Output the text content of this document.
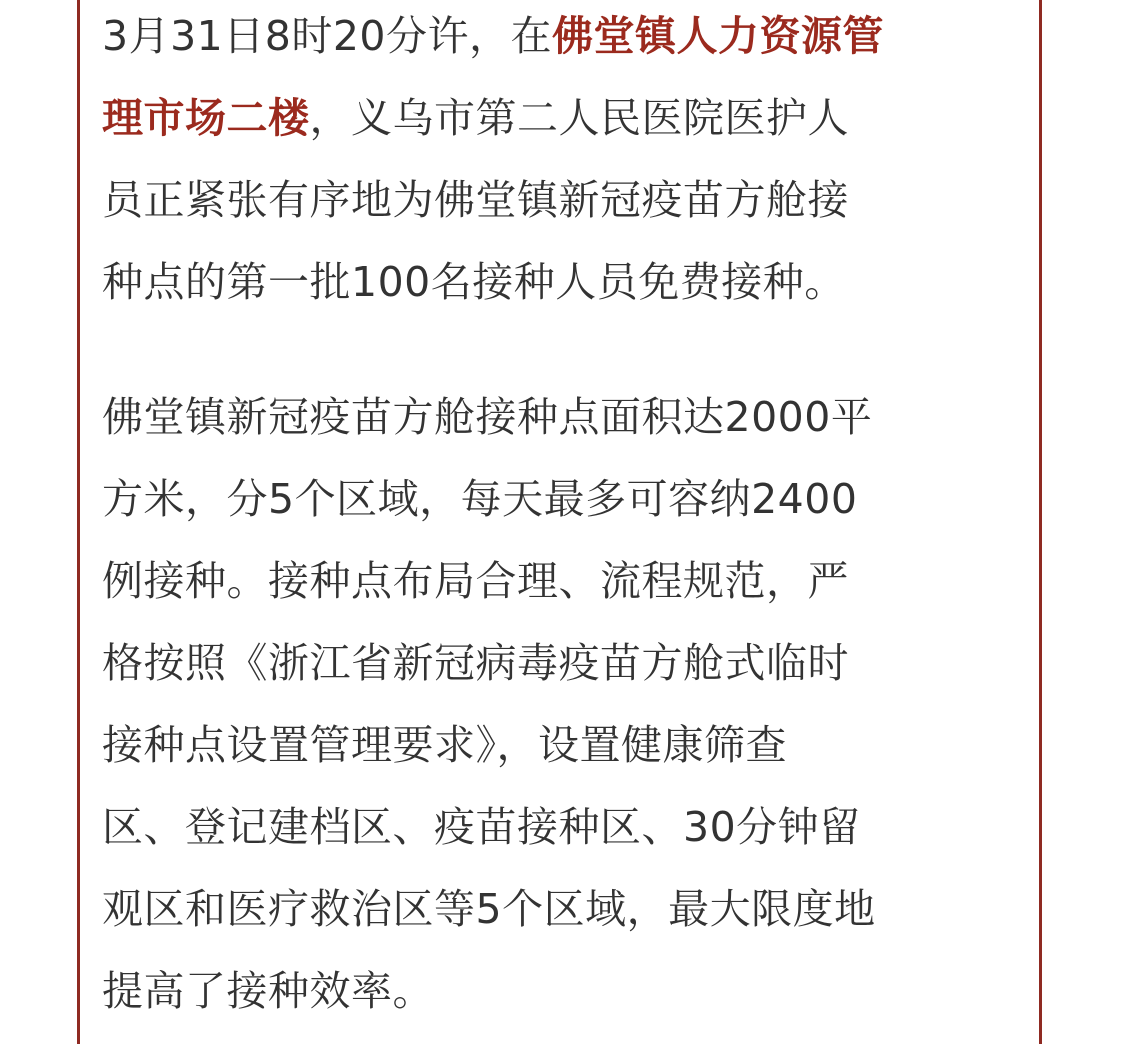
3月31日8时20分许，在佛堂镇人力资源管
理市场二楼，义乌市第二人民医院医护人
员正紧张有序地为佛堂镇新冠疫苗方舱接
种点的第一批100名接种人员免费接种。

佛堂镇新冠疫苗方舱接种点面积达2000平
方米，分5个区域，每天最多可容纳2400
例接种。接种点布局合理、流程规范，严
格按照《浙江省新冠病毒疫苗方舱式临时
接种点设置管理要求》，设置健康筛查
区、登记建档区、疫苗接种区、30分钟留
观区和医疗救治区等5个区域，最大限度地
提高了接种效率。
